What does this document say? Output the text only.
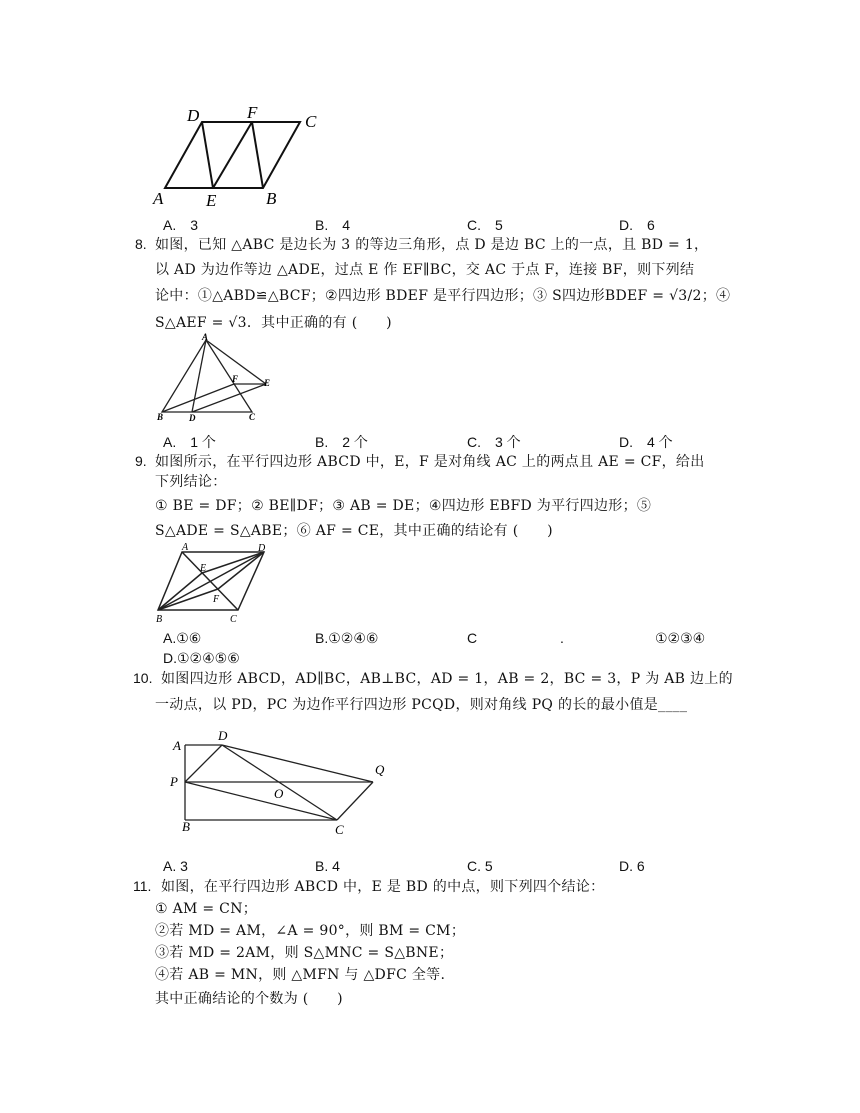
D	F	C
A	E	B
A.　3	B.　4	C.　5	D.　6
8. 如图，已知 △ABC 是边长为 3 的等边三角形，点 D 是边 BC 上的一点，且 BD = 1，
以 AD 为边作等边 △ADE，过点 E 作 EF∥BC，交 AC 于点 F，连接 BF，则下列结
论中：①△ABD≌△BCF；②四边形 BDEF 是平行四边形；③ S四边形BDEF = √3/2；④
S△AEF = √3．其中正确的有 (　　)
A
F	E
B	D	C
A.　1 个	B.　2 个	C.　3 个	D.　4 个
9. 如图所示，在平行四边形 ABCD 中，E，F 是对角线 AC 上的两点且 AE = CF，给出
下列结论：
① BE = DF；② BE∥DF；③ AB = DE；④四边形 EBFD 为平行四边形；⑤
S△ADE = S△ABE；⑥ AF = CE，其中正确的结论有 (　　)
A	D
E
F
B	C
A.①⑥	B.①②④⑥	C	.	①②③④
D.①②④⑤⑥
10. 如图四边形 ABCD，AD∥BC，AB⊥BC，AD = 1，AB = 2，BC = 3，P 为 AB 边上的
一动点，以 PD，PC 为边作平行四边形 PCQD，则对角线 PQ 的长的最小值是____
A
D
Q
P
O
B	C
A. 3	B. 4	C. 5	D. 6
11. 如图，在平行四边形 ABCD 中，E 是 BD 的中点，则下列四个结论：
① AM = CN；
②若 MD = AM，∠A = 90°，则 BM = CM；
③若 MD = 2AM，则 S△MNC = S△BNE；
④若 AB = MN，则 △MFN 与 △DFC 全等.
其中正确结论的个数为 (　　)
